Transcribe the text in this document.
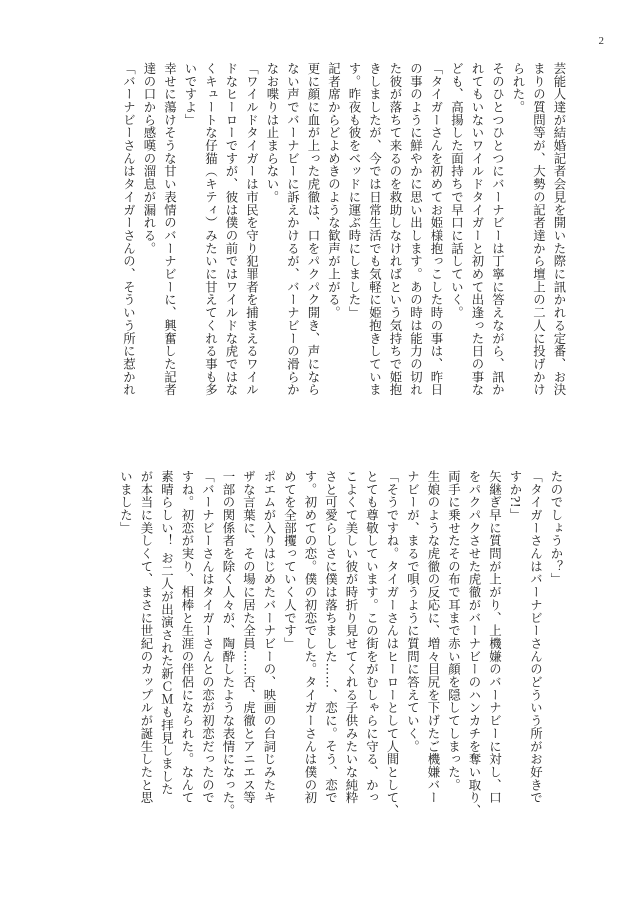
2
芸能人達が結婚記者会見を開いた際に訊かれる定番、お決
まりの質問等が、大勢の記者達から壇上の二人に投げかけ
られた。
そのひとつひとつにバーナビーは丁寧に答えながら、訊か
れてもいないワイルドタイガーと初めて出逢った日の事な
ども、高揚した面持ちで早口に話していく。
「タイガーさんを初めてお姫様抱っこした時の事は、昨日
の事のように鮮やかに思い出します。あの時は能力の切れ
た彼が落ちて来るのを救助しなければという気持ちで姫抱
きしましたが、今では日常生活でも気軽に姫抱きしていま
す。昨夜も彼をベッドに運ぶ時にしました」
記者席からどよめきのような歓声が上がる。
更に顔に血が上った虎徹は、口をパクパク開き、声になら
ない声でバーナビーに訴えかけるが、バーナビーの滑らか
なお喋りは止まらない。
「ワイルドタイガーは市民を守り犯罪者を捕まえるワイル
ドなヒーローですが、彼は僕の前ではワイルドな虎ではな
くキュートな仔猫（キティ）みたいに甘えてくれる事も多
いですよ」
幸せに蕩けそうな甘い表情のバーナビーに、興奮した記者
達の口から感嘆の溜息が漏れる。
「バーナビーさんはタイガーさんの、そういう所に惹かれ
たのでしょうか？」
「タイガーさんはバーナビーさんのどういう所がお好きで
すか?!」
矢継ぎ早に質問が上がり、上機嫌のバーナビーに対し、口
をパクパクさせた虎徹がバーナビーのハンカチを奪い取り、
両手に乗せたその布で耳まで赤い顔を隠してしまった。
生娘のような虎徹の反応に、増々目尻を下げたご機嫌バー
ナビーが、まるで唄うように質問に答えていく。
「そうですね。タイガーさんはヒーローとして人間として、
とても尊敬しています。この街をがむしゃらに守る、かっ
こよくて美しい彼が時折り見せてくれる子供みたいな純粋
さと可愛らしさに僕は落ちました……、恋に。そう、恋で
す。初めての恋。僕の初恋でした。タイガーさんは僕の初
めてを全部攫っていく人です」
ポエムが入りはじめたバーナビーの、映画の台詞じみたキ
ザな言葉に、その場に居た全員……否、虎徹とアニエス等
一部の関係者を除く人々が、陶酔したような表情になった。
「バーナビーさんはタイガーさんとの恋が初恋だったので
すね。初恋が実り、相棒と生涯の伴侶になられた。なんて
素晴らしい！ お二人が出演された新ＣＭも拝見しました
が本当に美しくて、まさに世紀のカップルが誕生したと思
いました」
